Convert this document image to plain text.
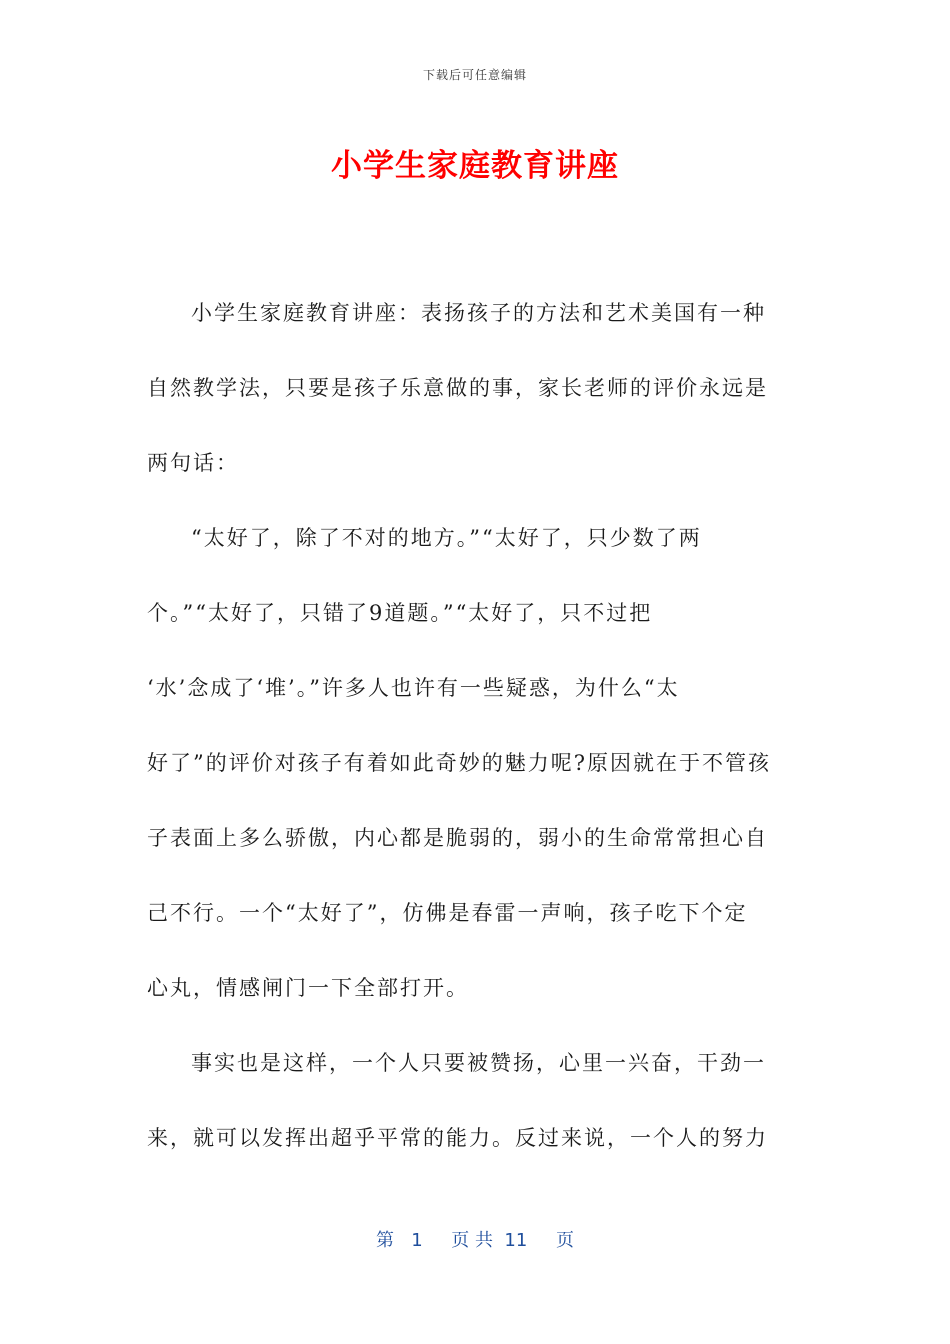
下载后可任意编辑
小学生家庭教育讲座
小学生家庭教育讲座：表扬孩子的方法和艺术美国有一种
自然教学法，只要是孩子乐意做的事，家长老师的评价永远是
两句话：
“太好了，除了不对的地方。”“太好了，只少数了两
个。”“太好了，只错了9道题。”“太好了，只不过把
‘水’念成了‘堆’。”许多人也许有一些疑惑，为什么“太
好了”的评价对孩子有着如此奇妙的魅力呢?原因就在于不管孩
子表面上多么骄傲，内心都是脆弱的，弱小的生命常常担心自
己不行。一个“太好了”，仿佛是春雷一声响，孩子吃下个定
心丸，情感闸门一下全部打开。
事实也是这样，一个人只要被赞扬，心里一兴奋，干劲一
来，就可以发挥出超乎平常的能力。反过来说，一个人的努力
第   1     页 共  11     页
